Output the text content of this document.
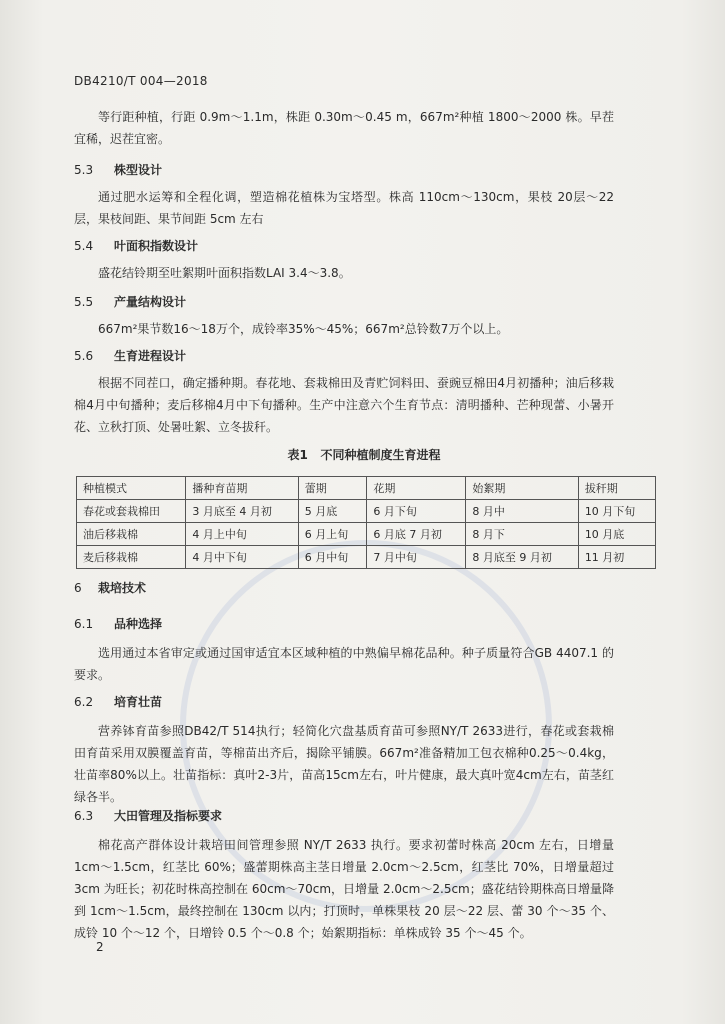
DB4210/T 004—2018

等行距种植，行距 0.9m～1.1m，株距 0.30m～0.45 m，667m²种植 1800～2000 株。早茬宜稀，迟茬宜密。

5.3 株型设计

通过肥水运筹和全程化调，塑造棉花植株为宝塔型。株高 110cm～130cm，果枝 20层～22 层，果枝间距、果节间距 5cm 左右

5.4 叶面积指数设计

盛花结铃期至吐絮期叶面积指数LAI 3.4～3.8。

5.5 产量结构设计

667m²果节数16～18万个，成铃率35%～45%；667m²总铃数7万个以上。

5.6 生育进程设计

根据不同茬口，确定播种期。春花地、套栽棉田及青贮饲料田、蚕豌豆棉田4月初播种；油后移栽棉4月中旬播种；麦后移棉4月中下旬播种。生产中注意六个生育节点：清明播种、芒种现蕾、小暑开花、立秋打顶、处暑吐絮、立冬拔秆。

表1 不同种植制度生育进程
种植模式	播种育苗期	蕾期	花期	始絮期	拔秆期
春花或套栽棉田	3 月底至 4 月初	5 月底	6 月下旬	8 月中	10 月下旬
油后移栽棉	4 月上中旬	6 月上旬	6 月底 7 月初	8 月下	10 月底
麦后移栽棉	4 月中下旬	6 月中旬	7 月中旬	8 月底至 9 月初	11 月初

6 栽培技术

6.1 品种选择

选用通过本省审定或通过国审适宜本区域种植的中熟偏早棉花品种。种子质量符合GB 4407.1 的要求。

6.2 培育壮苗

营养钵育苗参照DB42/T 514执行；轻简化穴盘基质育苗可参照NY/T 2633进行，春花或套栽棉田育苗采用双膜覆盖育苗，等棉苗出齐后，揭除平铺膜。667m²准备精加工包衣棉种0.25～0.4kg，壮苗率80%以上。壮苗指标：真叶2-3片，苗高15cm左右，叶片健康，最大真叶宽4cm左右，苗茎红绿各半。

6.3 大田管理及指标要求

棉花高产群体设计栽培田间管理参照 NY/T 2633 执行。要求初蕾时株高 20cm 左右，日增量 1cm～1.5cm，红茎比 60%；盛蕾期株高主茎日增量 2.0cm～2.5cm，红茎比 70%，日增量超过 3cm 为旺长；初花时株高控制在 60cm～70cm，日增量 2.0cm～2.5cm；盛花结铃期株高日增量降到 1cm～1.5cm，最终控制在 130cm 以内；打顶时，单株果枝 20 层～22 层、蕾 30 个～35 个、成铃 10 个～12 个，日增铃 0.5 个～0.8 个；始絮期指标：单株成铃 35 个～45 个。

2
